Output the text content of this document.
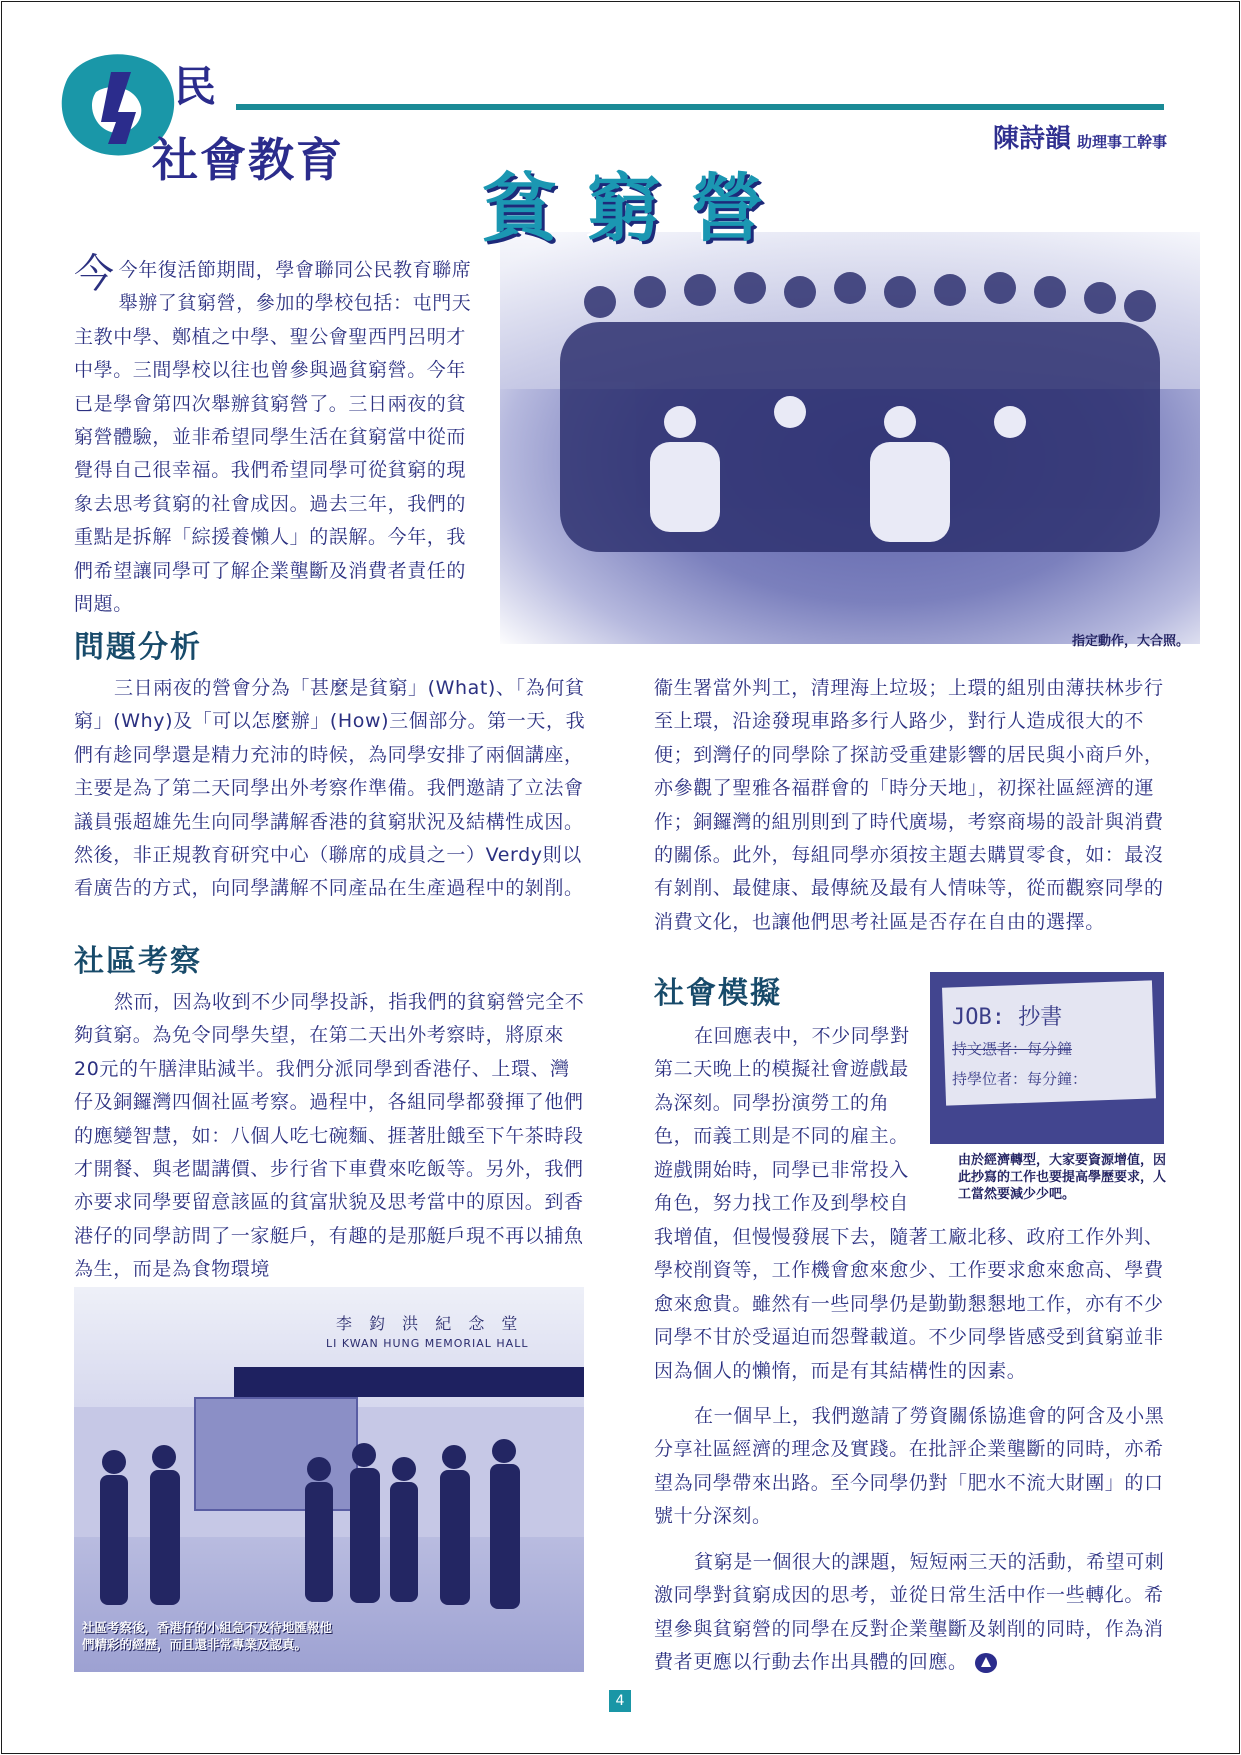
民
社會教育	陳詩韻 助理事工幹事
貧窮營
指定動作，大合照。
今今年復活節期間，學會聯同公民教育聯席舉辦了貧窮營，參加的學校包括：屯門天主教中學、鄭植之中學、聖公會聖西門呂明才中學。三間學校以往也曾參與過貧窮營。今年已是學會第四次舉辦貧窮營了。三日兩夜的貧窮營體驗，並非希望同學生活在貧窮當中從而覺得自己很幸福。我們希望同學可從貧窮的現象去思考貧窮的社會成因。過去三年，我們的重點是拆解「綜援養懶人」的誤解。今年，我們希望讓同學可了解企業壟斷及消費者責任的問題。
問題分析
三日兩夜的營會分為「甚麼是貧窮」(What)、「為何貧窮」(Why)及「可以怎麼辦」(How)三個部分。第一天，我們有趁同學還是精力充沛的時候，為同學安排了兩個講座，主要是為了第二天同學出外考察作準備。我們邀請了立法會議員張超雄先生向同學講解香港的貧窮狀況及結構性成因。然後，非正規教育研究中心（聯席的成員之一）Verdy則以看廣告的方式，向同學講解不同產品在生產過程中的剝削。
社區考察
然而，因為收到不少同學投訴，指我們的貧窮營完全不夠貧窮。為免令同學失望，在第二天出外考察時，將原來20元的午膳津貼減半。我們分派同學到香港仔、上環、灣仔及銅鑼灣四個社區考察。過程中，各組同學都發揮了他們的應變智慧，如：八個人吃七碗麵、捱著肚餓至下午茶時段才開餐、與老闆講價、步行省下車費來吃飯等。另外，我們亦要求同學要留意該區的貧富狀貌及思考當中的原因。到香港仔的同學訪問了一家艇戶，有趣的是那艇戶現不再以捕魚為生，而是為食物環境
衞生署當外判工，清理海上垃圾；上環的組別由薄扶林步行至上環，沿途發現車路多行人路少，對行人造成很大的不便；到灣仔的同學除了探訪受重建影響的居民與小商戶外，亦參觀了聖雅各福群會的「時分天地」，初探社區經濟的運作；銅鑼灣的組別則到了時代廣場，考察商場的設計與消費的關係。此外，每組同學亦須按主題去購買零食，如：最沒有剝削、最健康、最傳統及最有人情味等，從而觀察同學的消費文化，也讓他們思考社區是否存在自由的選擇。
社會模擬
在回應表中，不少同學對第二天晚上的模擬社會遊戲最為深刻。同學扮演勞工的角色，而義工則是不同的雇主。遊戲開始時，同學已非常投入角色，努力找工作及到學校自
我增值，但慢慢發展下去，隨著工廠北移、政府工作外判、學校削資等，工作機會愈來愈少、工作要求愈來愈高、學費愈來愈貴。雖然有一些同學仍是勤勤懇懇地工作，亦有不少同學不甘於受逼迫而怨聲載道。不少同學皆感受到貧窮並非因為個人的懶惰，而是有其結構性的因素。
在一個早上，我們邀請了勞資關係協進會的阿含及小黑分享社區經濟的理念及實踐。在批評企業壟斷的同時，亦希望為同學帶來出路。至今同學仍對「肥水不流大財團」的口號十分深刻。
貧窮是一個很大的課題，短短兩三天的活動，希望可刺激同學對貧窮成因的思考，並從日常生活中作一些轉化。希望參與貧窮營的同學在反對企業壟斷及剝削的同時，作為消費者更應以行動去作出具體的回應。
JOB: 抄書
持文憑者：每分鐘
持學位者：每分鐘：
由於經濟轉型，大家要資源增值，因此抄寫的工作也要提高學歷要求，人工當然要減少少吧。
李 鈞 洪 紀 念 堂
LI KWAN HUNG MEMORIAL HALL
社區考察後，香港仔的小組急不及待地匯報他們精彩的經歷，而且還非常專業及認真。
4
